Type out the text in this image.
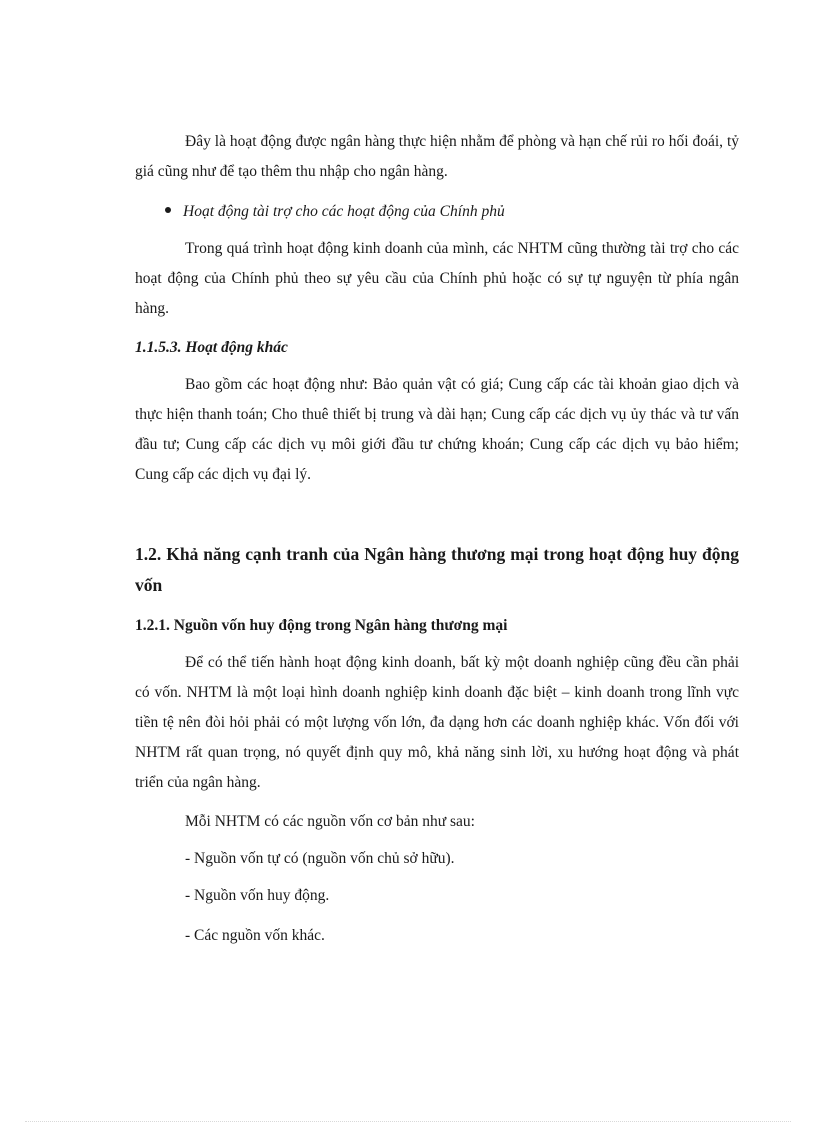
Đây là hoạt động được ngân hàng thực hiện nhằm để phòng và hạn chế rủi ro hối đoái, tỷ giá cũng như để tạo thêm thu nhập cho ngân hàng.

Hoạt động tài trợ cho các hoạt động của Chính phủ

Trong quá trình hoạt động kinh doanh của mình, các NHTM cũng thường tài trợ cho các hoạt động của Chính phủ theo sự yêu cầu của Chính phủ hoặc có sự tự nguyện từ phía ngân hàng.

1.1.5.3. Hoạt động khác

Bao gồm các hoạt động như: Bảo quản vật có giá; Cung cấp các tài khoản giao dịch và thực hiện thanh toán; Cho thuê thiết bị trung và dài hạn; Cung cấp các dịch vụ ủy thác và tư vấn đầu tư; Cung cấp các dịch vụ môi giới đầu tư chứng khoán; Cung cấp các dịch vụ bảo hiểm; Cung cấp các dịch vụ đại lý.

1.2. Khả năng cạnh tranh của Ngân hàng thương mại trong hoạt động huy động vốn

1.2.1. Nguồn vốn huy động trong Ngân hàng thương mại

Để có thể tiến hành hoạt động kinh doanh, bất kỳ một doanh nghiệp cũng đều cần phải có vốn. NHTM là một loại hình doanh nghiệp kinh doanh đặc biệt – kinh doanh trong lĩnh vực tiền tệ nên đòi hỏi phải có một lượng vốn lớn, đa dạng hơn các doanh nghiệp khác. Vốn đối với NHTM rất quan trọng, nó quyết định quy mô, khả năng sinh lời, xu hướng hoạt động và phát triển của ngân hàng.

Mỗi NHTM có các nguồn vốn cơ bản như sau:
- Nguồn vốn tự có (nguồn vốn chủ sở hữu).
- Nguồn vốn huy động.
- Các nguồn vốn khác.
